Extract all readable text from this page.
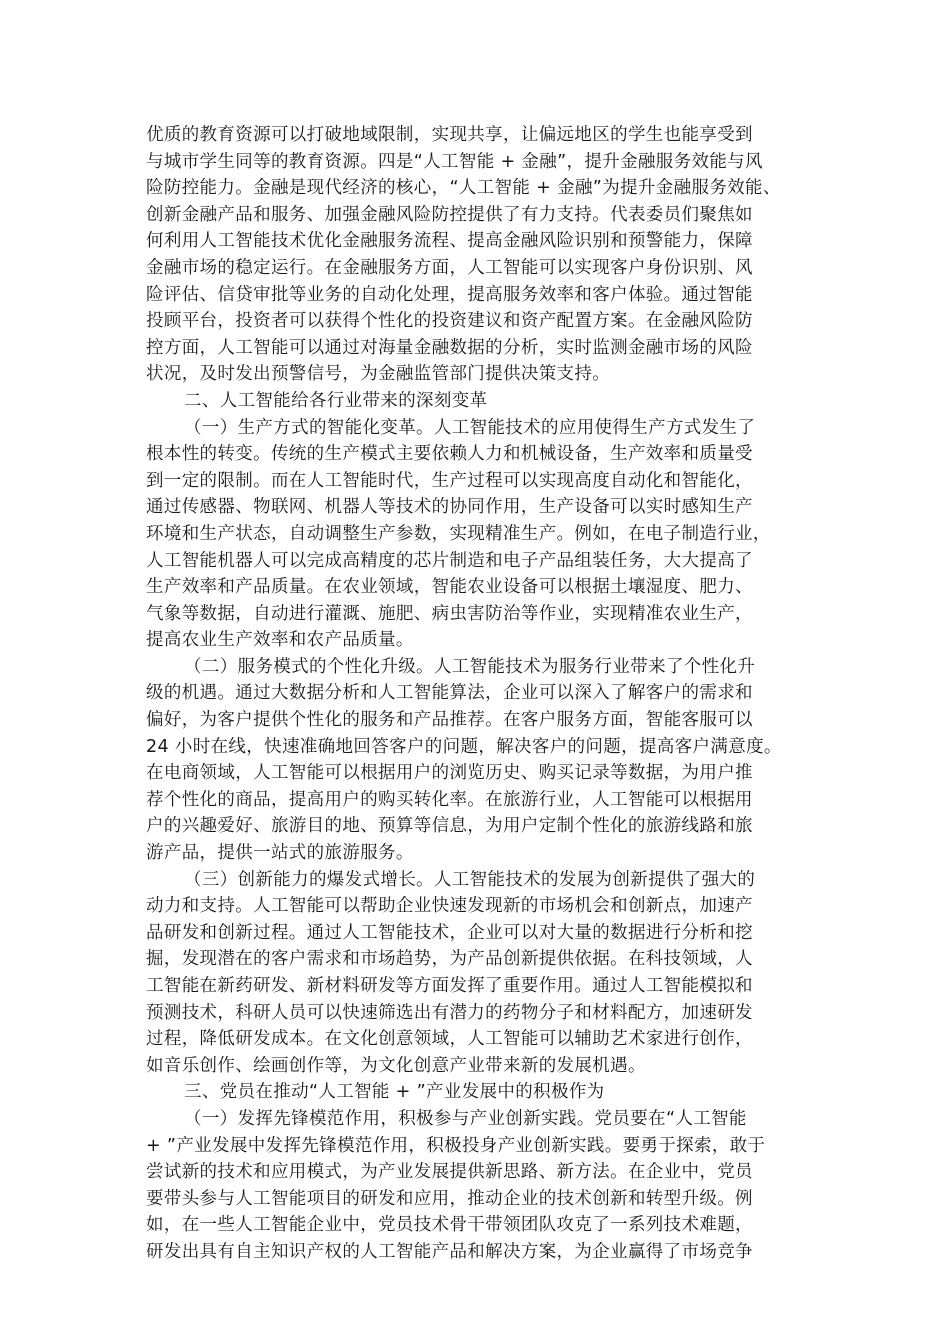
优质的教育资源可以打破地域限制，实现共享，让偏远地区的学生也能享受到
与城市学生同等的教育资源。四是“人工智能 + 金融”，提升金融服务效能与风
险防控能力。金融是现代经济的核心，“人工智能 + 金融”为提升金融服务效能、
创新金融产品和服务、加强金融风险防控提供了有力支持。代表委员们聚焦如
何利用人工智能技术优化金融服务流程、提高金融风险识别和预警能力，保障
金融市场的稳定运行。在金融服务方面，人工智能可以实现客户身份识别、风
险评估、信贷审批等业务的自动化处理，提高服务效率和客户体验。通过智能
投顾平台，投资者可以获得个性化的投资建议和资产配置方案。在金融风险防
控方面，人工智能可以通过对海量金融数据的分析，实时监测金融市场的风险
状况，及时发出预警信号，为金融监管部门提供决策支持。
二、人工智能给各行业带来的深刻变革
（一）生产方式的智能化变革。人工智能技术的应用使得生产方式发生了
根本性的转变。传统的生产模式主要依赖人力和机械设备，生产效率和质量受
到一定的限制。而在人工智能时代，生产过程可以实现高度自动化和智能化，
通过传感器、物联网、机器人等技术的协同作用，生产设备可以实时感知生产
环境和生产状态，自动调整生产参数，实现精准生产。例如，在电子制造行业，
人工智能机器人可以完成高精度的芯片制造和电子产品组装任务，大大提高了
生产效率和产品质量。在农业领域，智能农业设备可以根据土壤湿度、肥力、
气象等数据，自动进行灌溉、施肥、病虫害防治等作业，实现精准农业生产，
提高农业生产效率和农产品质量。
（二）服务模式的个性化升级。人工智能技术为服务行业带来了个性化升
级的机遇。通过大数据分析和人工智能算法，企业可以深入了解客户的需求和
偏好，为客户提供个性化的服务和产品推荐。在客户服务方面，智能客服可以
24 小时在线，快速准确地回答客户的问题，解决客户的问题，提高客户满意度。
在电商领域，人工智能可以根据用户的浏览历史、购买记录等数据，为用户推
荐个性化的商品，提高用户的购买转化率。在旅游行业，人工智能可以根据用
户的兴趣爱好、旅游目的地、预算等信息，为用户定制个性化的旅游线路和旅
游产品，提供一站式的旅游服务。
（三）创新能力的爆发式增长。人工智能技术的发展为创新提供了强大的
动力和支持。人工智能可以帮助企业快速发现新的市场机会和创新点，加速产
品研发和创新过程。通过人工智能技术，企业可以对大量的数据进行分析和挖
掘，发现潜在的客户需求和市场趋势，为产品创新提供依据。在科技领域，人
工智能在新药研发、新材料研发等方面发挥了重要作用。通过人工智能模拟和
预测技术，科研人员可以快速筛选出有潜力的药物分子和材料配方，加速研发
过程，降低研发成本。在文化创意领域，人工智能可以辅助艺术家进行创作，
如音乐创作、绘画创作等，为文化创意产业带来新的发展机遇。
三、党员在推动“人工智能 + ”产业发展中的积极作为
（一）发挥先锋模范作用，积极参与产业创新实践。党员要在“人工智能
+ ”产业发展中发挥先锋模范作用，积极投身产业创新实践。要勇于探索，敢于
尝试新的技术和应用模式，为产业发展提供新思路、新方法。在企业中，党员
要带头参与人工智能项目的研发和应用，推动企业的技术创新和转型升级。例
如，在一些人工智能企业中，党员技术骨干带领团队攻克了一系列技术难题，
研发出具有自主知识产权的人工智能产品和解决方案，为企业赢得了市场竞争
